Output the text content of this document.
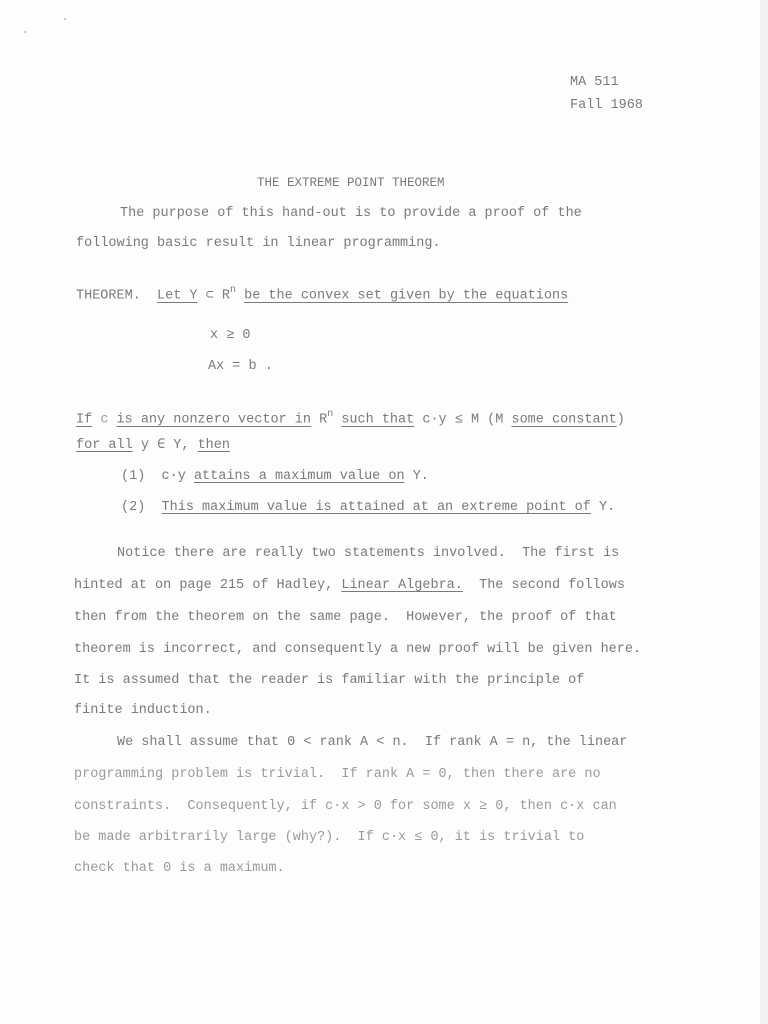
MA 511
Fall 1968
THE EXTREME POINT THEOREM
The purpose of this hand-out is to provide a proof of the
following basic result in linear programming.
THEOREM. Let Y ⊂ $R^n$ be the convex set given by the equations
x ≥ 0
Ax = b .
If c is any nonzero vector in $R^n$ such that c·y ≤ M (M some constant)
for all y ∈ Y, then
(1) c·y attains a maximum value on Y.
(2) This maximum value is attained at an extreme point of Y.
Notice there are really two statements involved.  The first is
hinted at on page 215 of Hadley, Linear Algebra. The second follows
then from the theorem on the same page.  However, the proof of that
theorem is incorrect, and consequently a new proof will be given here.
It is assumed that the reader is familiar with the principle of
finite induction.
We shall assume that 0 < rank A < n.  If rank A = n, the linear
programming problem is trivial.  If rank A = 0, then there are no
constraints.  Consequently, if c·x > 0 for some x ≥ 0, then c·x can
be made arbitrarily large (why?).  If c·x ≤ 0, it is trivial to
check that 0 is a maximum.
